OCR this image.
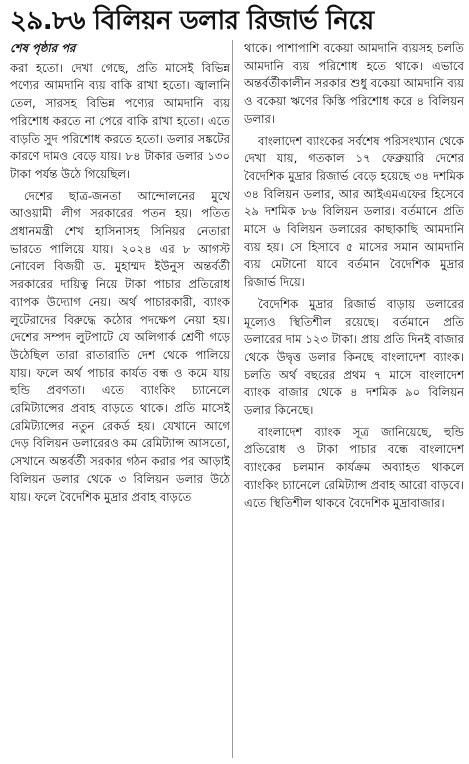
২৯.৮৬ বিলিয়ন ডলার রিজার্ভ নিয়ে
শেষ পৃষ্ঠার পর

করা হতো। দেখা গেছে, প্রতি মাসেই বিভিন্ন পণ্যের আমদানি ব্যয় বাকি রাখা হতো। জ্বালানি তেল, সারসহ বিভিন্ন পণ্যের আমদানি ব্যয় পরিশোধ করতে না পেরে বাকি রাখা হতো। এতে বাড়তি সুদ পরিশোধ করতে হতো। ডলার সঙ্কটের কারণে দামও বেড়ে যায়। ৮৪ টাকার ডলার ১৩০ টাকা পর্যন্ত উঠে গিয়েছিল।

দেশের ছাত্র-জনতা আন্দোলনের মুখে আওয়ামী লীগ সরকারের পতন হয়। পতিত প্রধানমন্ত্রী শেখ হাসিনাসহ সিনিয়র নেতারা ভারতে পালিয়ে যায়। ২০২৪ এর ৮ আগস্ট নোবেল বিজয়ী ড. মুহাম্মদ ইউনুস অন্তর্বর্তী সরকারের দায়িত্ব নিয়ে টাকা পাচার প্রতিরোধ ব্যাপক উদ্যোগ নেয়। অর্থ পাচারকারী, ব্যাংক লুটেরাদের বিরুদ্ধে কঠোর পদক্ষেপ নেয়া হয়। দেশের সম্পদ লুটপাটে যে অলিগার্ক শ্রেণী গড়ে উঠেছিল তারা রাতারাতি দেশ থেকে পালিয়ে যায়। ফলে অর্থ পাচার কার্যত বন্ধ ও কমে যায় হুন্ডি প্রবণতা। এতে ব্যাংকিং চ্যানেলে রেমিট্যান্সের প্রবাহ বাড়তে থাকে। প্রতি মাসেই রেমিট্যান্সের নতুন রেকর্ড হয়। যেখানে আগে দেড় বিলিয়ন ডলারেরও কম রেমিট্যান্স আসতো, সেখানে অন্তর্বর্তী সরকার গঠন করার পর আড়াই বিলিয়ন ডলার থেকে ৩ বিলিয়ন ডলার উঠে যায়। ফলে বৈদেশিক মুদ্রার প্রবাহ বাড়তে

থাকে। পাশাপাশি বকেয়া আমদানি ব্যয়সহ চলতি আমদানি ব্যয় পরিশোধ হতে থাকে। এভাবে অন্তর্বর্তীকালীন সরকার শুধু বকেয়া আমদানি ব্যয় ও বকেয়া ঋণের কিস্তি পরিশোধ করে ৪ বিলিয়ন ডলার।

বাংলাদেশ ব্যাংকের সর্বশেষ পরিসংখ্যান থেকে দেখা যায়, গতকাল ১৭ ফেব্রুয়ারি দেশের বৈদেশিক মুদ্রার রিজার্ভ বেড়ে হয়েছে ৩৪ দশমিক ৩৪ বিলিয়ন ডলার, আর আইএমএফের হিসেবে ২৯ দশমিক ৮৬ বিলিয়ন ডলার। বর্তমানে প্রতি মাসে ৬ বিলিয়ন ডলারের কাছাকাছি আমদানি ব্যয় হয়। সে হিসাবে ৫ মাসের সমান আমদানি ব্যয় মেটানো যাবে বর্তমান বৈদেশিক মুদ্রার রিজার্ভ দিয়ে।

বৈদেশিক মুদ্রার রিজার্ভ বাড়ায় ডলারের মূল্যেও স্থিতিশীল রয়েছে। বর্তমানে প্রতি ডলারের দাম ১২৩ টাকা। প্রায় প্রতি দিনই বাজার থেকে উদ্বৃত্ত ডলার কিনছে বাংলাদেশ ব্যাংক। চলতি অর্থ বছরের প্রথম ৭ মাসে বাংলাদেশ ব্যাংক বাজার থেকে ৪ দশমিক ৯০ বিলিয়ন ডলার কিনেছে।

বাংলাদেশ ব্যাংক সূত্র জানিয়েছে, হুন্ডি প্রতিরোধ ও টাকা পাচার বন্ধে বাংলাদেশ ব্যাংকের চলমান কার্যক্রম অব্যাহত থাকলে ব্যাংকিং চ্যানেলে রেমিট্যান্স প্রবাহ আরো বাড়বে। এতে স্থিতিশীল থাকবে বৈদেশিক মুদ্রাবাজার।
